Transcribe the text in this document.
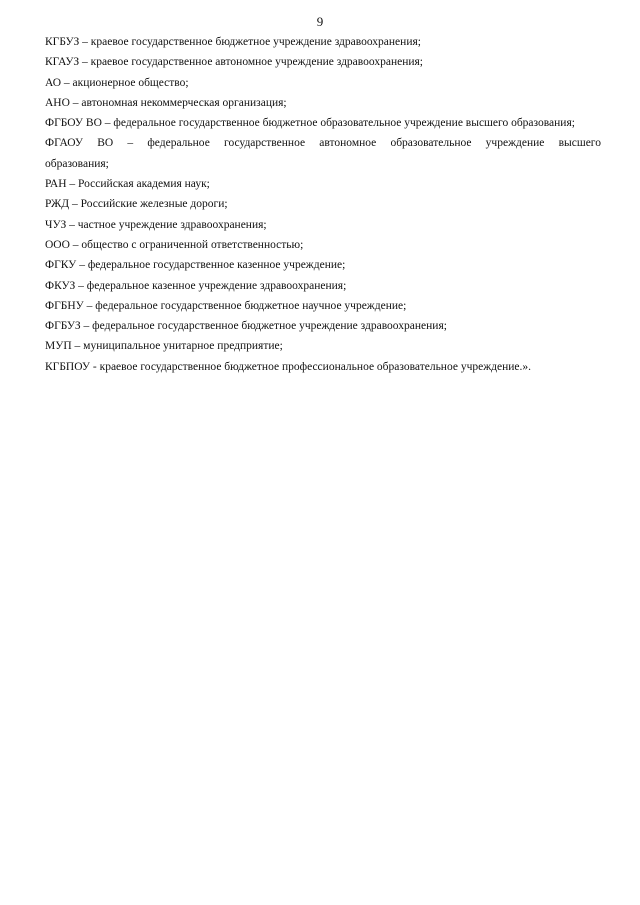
9
КГБУЗ – краевое государственное бюджетное учреждение здравоохранения;
КГАУЗ – краевое государственное автономное учреждение здравоохранения;
АО – акционерное общество;
АНО – автономная некоммерческая организация;
ФГБОУ ВО – федеральное государственное бюджетное образовательное учреждение высшего образования;
ФГАОУ ВО – федеральное государственное автономное образовательное учреждение высшего образования;
РАН – Российская академия наук;
РЖД – Российские железные дороги;
ЧУЗ – частное учреждение здравоохранения;
ООО – общество с ограниченной ответственностью;
ФГКУ – федеральное государственное казенное учреждение;
ФКУЗ – федеральное казенное учреждение здравоохранения;
ФГБНУ – федеральное государственное бюджетное научное учреждение;
ФГБУЗ – федеральное государственное бюджетное учреждение здравоохранения;
МУП – муниципальное унитарное предприятие;
КГБПОУ - краевое государственное бюджетное профессиональное образовательное учреждение.».
